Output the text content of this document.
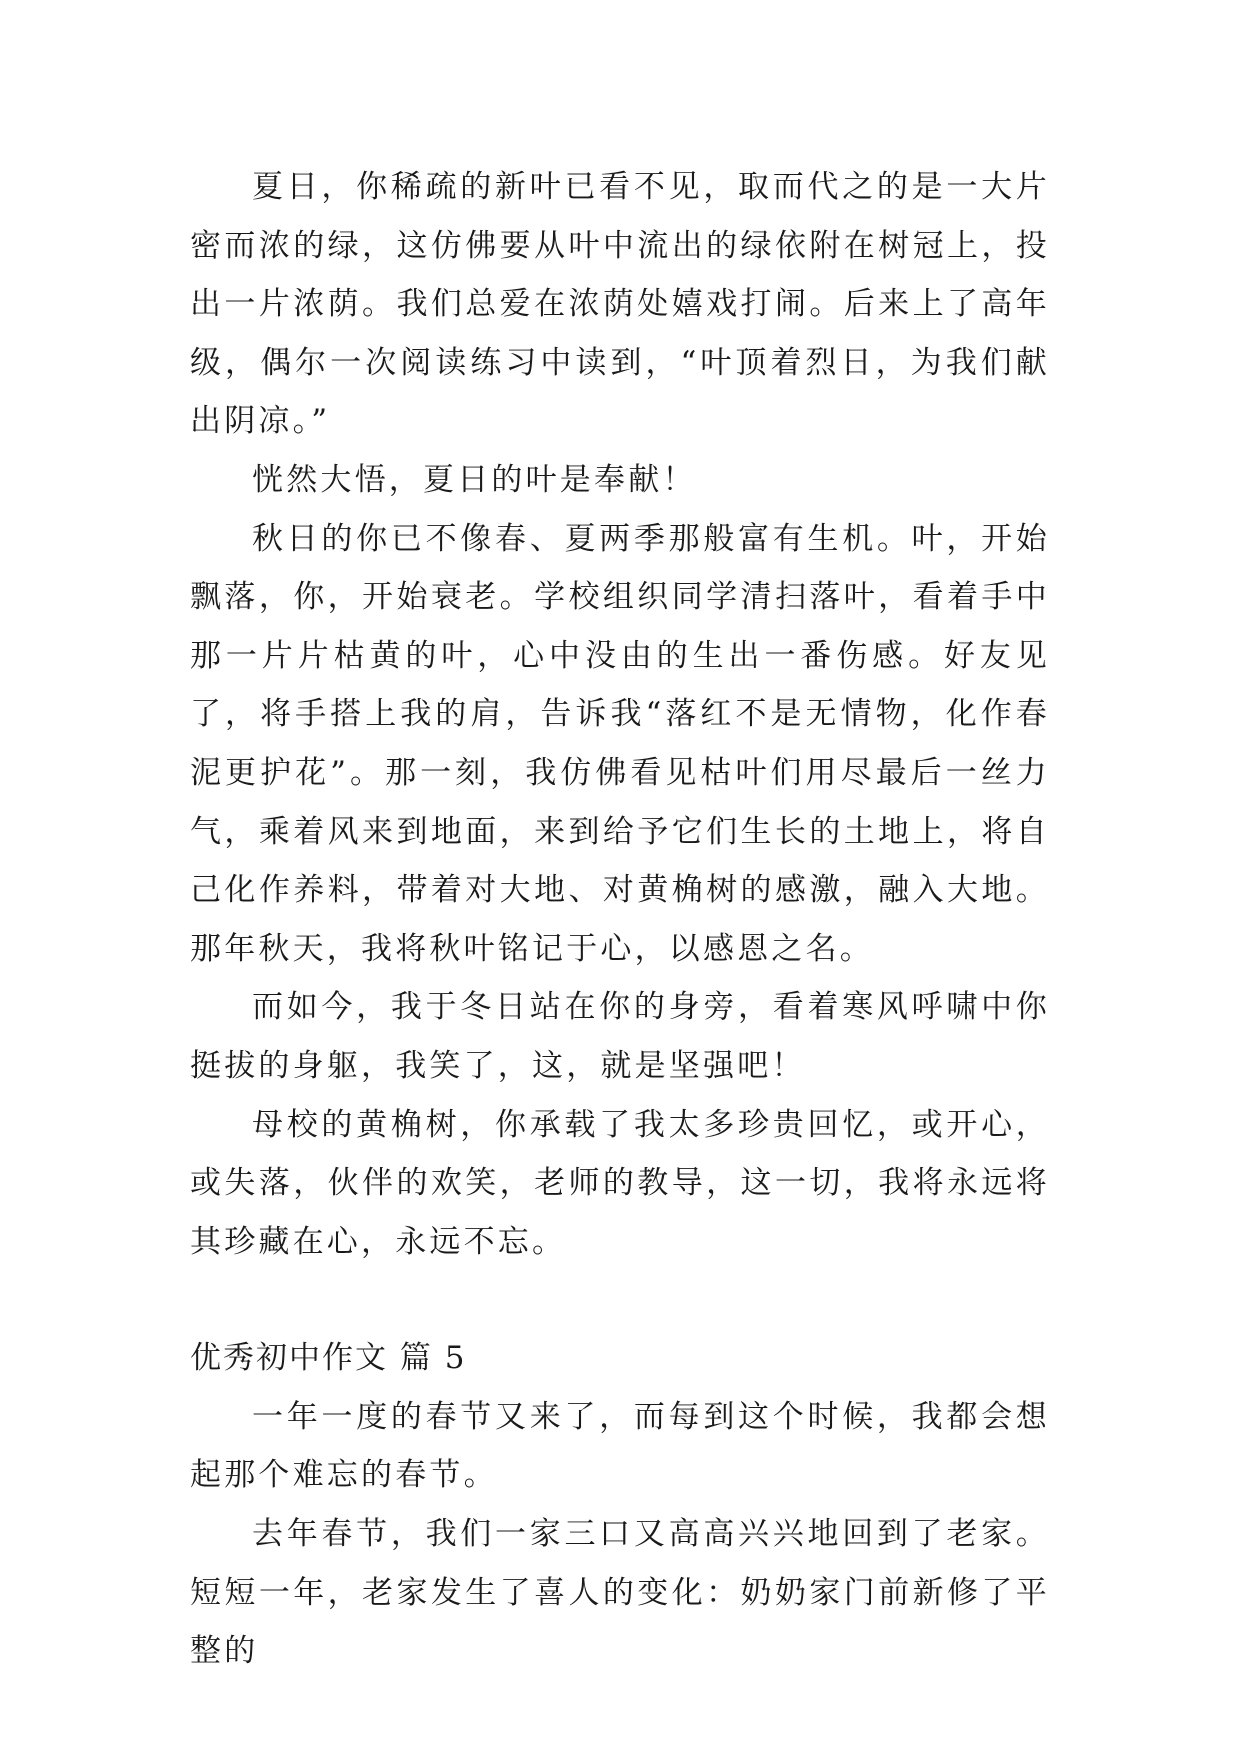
夏日，你稀疏的新叶已看不见，取而代之的是一大片密而浓的绿，这仿佛要从叶中流出的绿依附在树冠上，投出一片浓荫。我们总爱在浓荫处嬉戏打闹。后来上了高年级，偶尔一次阅读练习中读到，“叶顶着烈日，为我们献出阴凉。”

恍然大悟，夏日的叶是奉献！

秋日的你已不像春、夏两季那般富有生机。叶，开始飘落，你，开始衰老。学校组织同学清扫落叶，看着手中那一片片枯黄的叶，心中没由的生出一番伤感。好友见了，将手搭上我的肩，告诉我“落红不是无情物，化作春泥更护花”。那一刻，我仿佛看见枯叶们用尽最后一丝力气，乘着风来到地面，来到给予它们生长的土地上，将自己化作养料，带着对大地、对黄桷树的感激，融入大地。那年秋天，我将秋叶铭记于心，以感恩之名。

而如今，我于冬日站在你的身旁，看着寒风呼啸中你挺拔的身躯，我笑了，这，就是坚强吧！

母校的黄桷树，你承载了我太多珍贵回忆，或开心，或失落，伙伴的欢笑，老师的教导，这一切，我将永远将其珍藏在心，永远不忘。

优秀初中作文 篇 5

一年一度的春节又来了，而每到这个时候，我都会想起那个难忘的春节。

去年春节，我们一家三口又高高兴兴地回到了老家。短短一年，老家发生了喜人的变化：奶奶家门前新修了平整的
